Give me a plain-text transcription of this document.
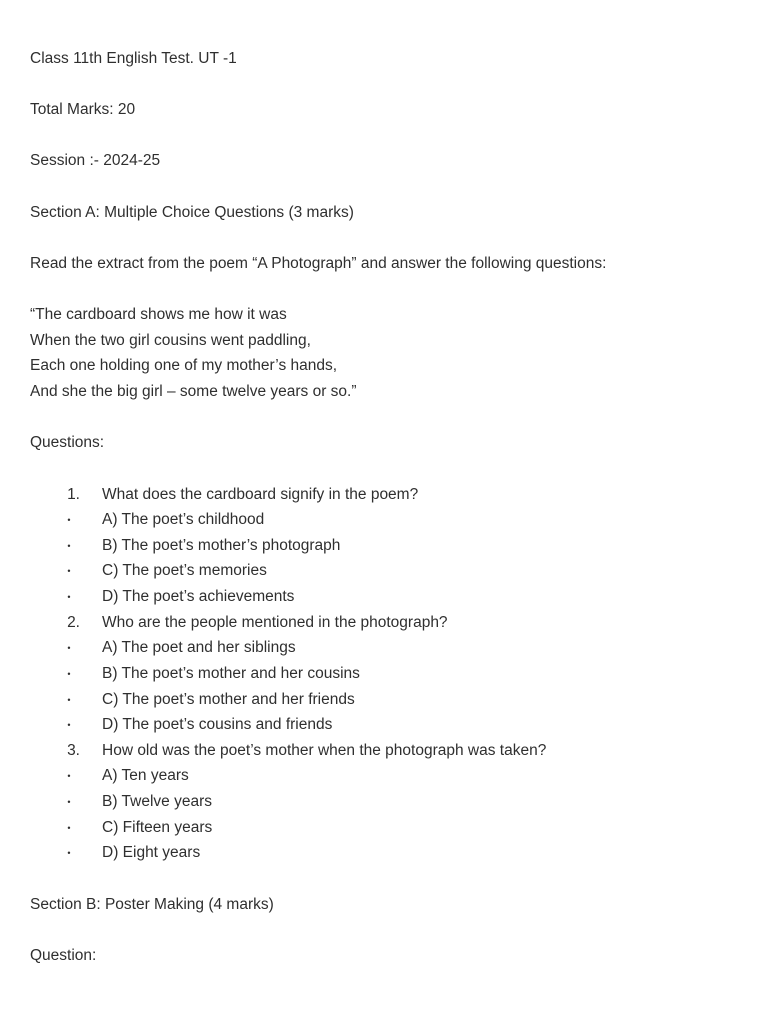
Class 11th English Test. UT -1
Total Marks: 20
Session :- 2024-25
Section A: Multiple Choice Questions (3 marks)
Read the extract from the poem “A Photograph” and answer the following questions:
“The cardboard shows me how it was
When the two girl cousins went paddling,
Each one holding one of my mother’s hands,
And she the big girl – some twelve years or so.”
Questions:
1. What does the cardboard signify in the poem?
• A) The poet’s childhood
• B) The poet’s mother’s photograph
• C) The poet’s memories
• D) The poet’s achievements
2. Who are the people mentioned in the photograph?
• A) The poet and her siblings
• B) The poet’s mother and her cousins
• C) The poet’s mother and her friends
• D) The poet’s cousins and friends
3. How old was the poet’s mother when the photograph was taken?
• A) Ten years
• B) Twelve years
• C) Fifteen years
• D) Eight years
Section B: Poster Making (4 marks)
Question:
